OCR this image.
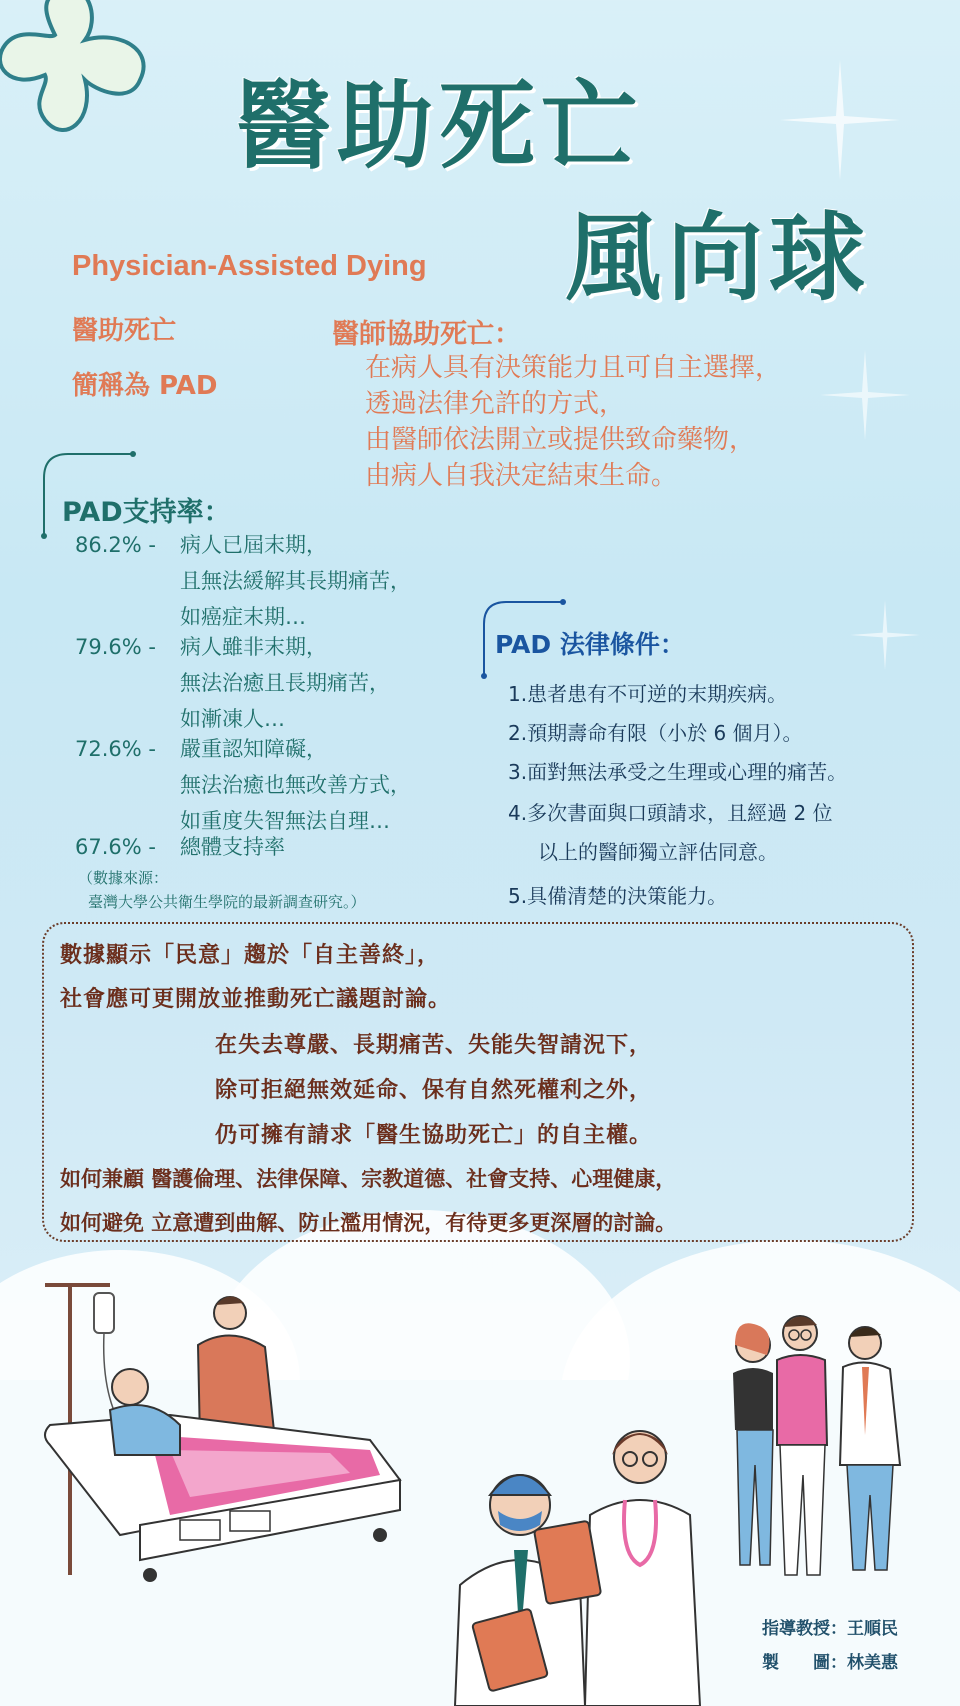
醫助死亡
風向球
Physician-Assisted Dying
醫助死亡
簡稱為 PAD
醫師協助死亡：
在病人具有決策能力且可自主選擇，
透過法律允許的方式，
由醫師依法開立或提供致命藥物，
由病人自我決定結束生命。
PAD支持率：
86.2% - 病人已屆末期，
且無法緩解其長期痛苦，
如癌症末期…
79.6% - 病人雖非末期，
無法治癒且長期痛苦，
如漸凍人…
72.6% - 嚴重認知障礙，
無法治癒也無改善方式，
如重度失智無法自理…
67.6% - 總體支持率
（數據來源：
臺灣大學公共衛生學院的最新調查研究。）
PAD 法律條件：
1.患者患有不可逆的末期疾病。
2.預期壽命有限（小於 6 個月）。
3.面對無法承受之生理或心理的痛苦。
4.多次書面與口頭請求，且經過 2 位
以上的醫師獨立評估同意。
5.具備清楚的決策能力。
數據顯示「民意」趨於「自主善終」，
社會應可更開放並推動死亡議題討論。
在失去尊嚴、長期痛苦、失能失智請況下，
除可拒絕無效延命、保有自然死權利之外，
仍可擁有請求「醫生協助死亡」的自主權。
如何兼顧 醫護倫理、法律保障、宗教道德、社會支持、心理健康，
如何避免 立意遭到曲解、防止濫用情況，有待更多更深層的討論。
指導教授：王順民
製　　圖：林美惠
